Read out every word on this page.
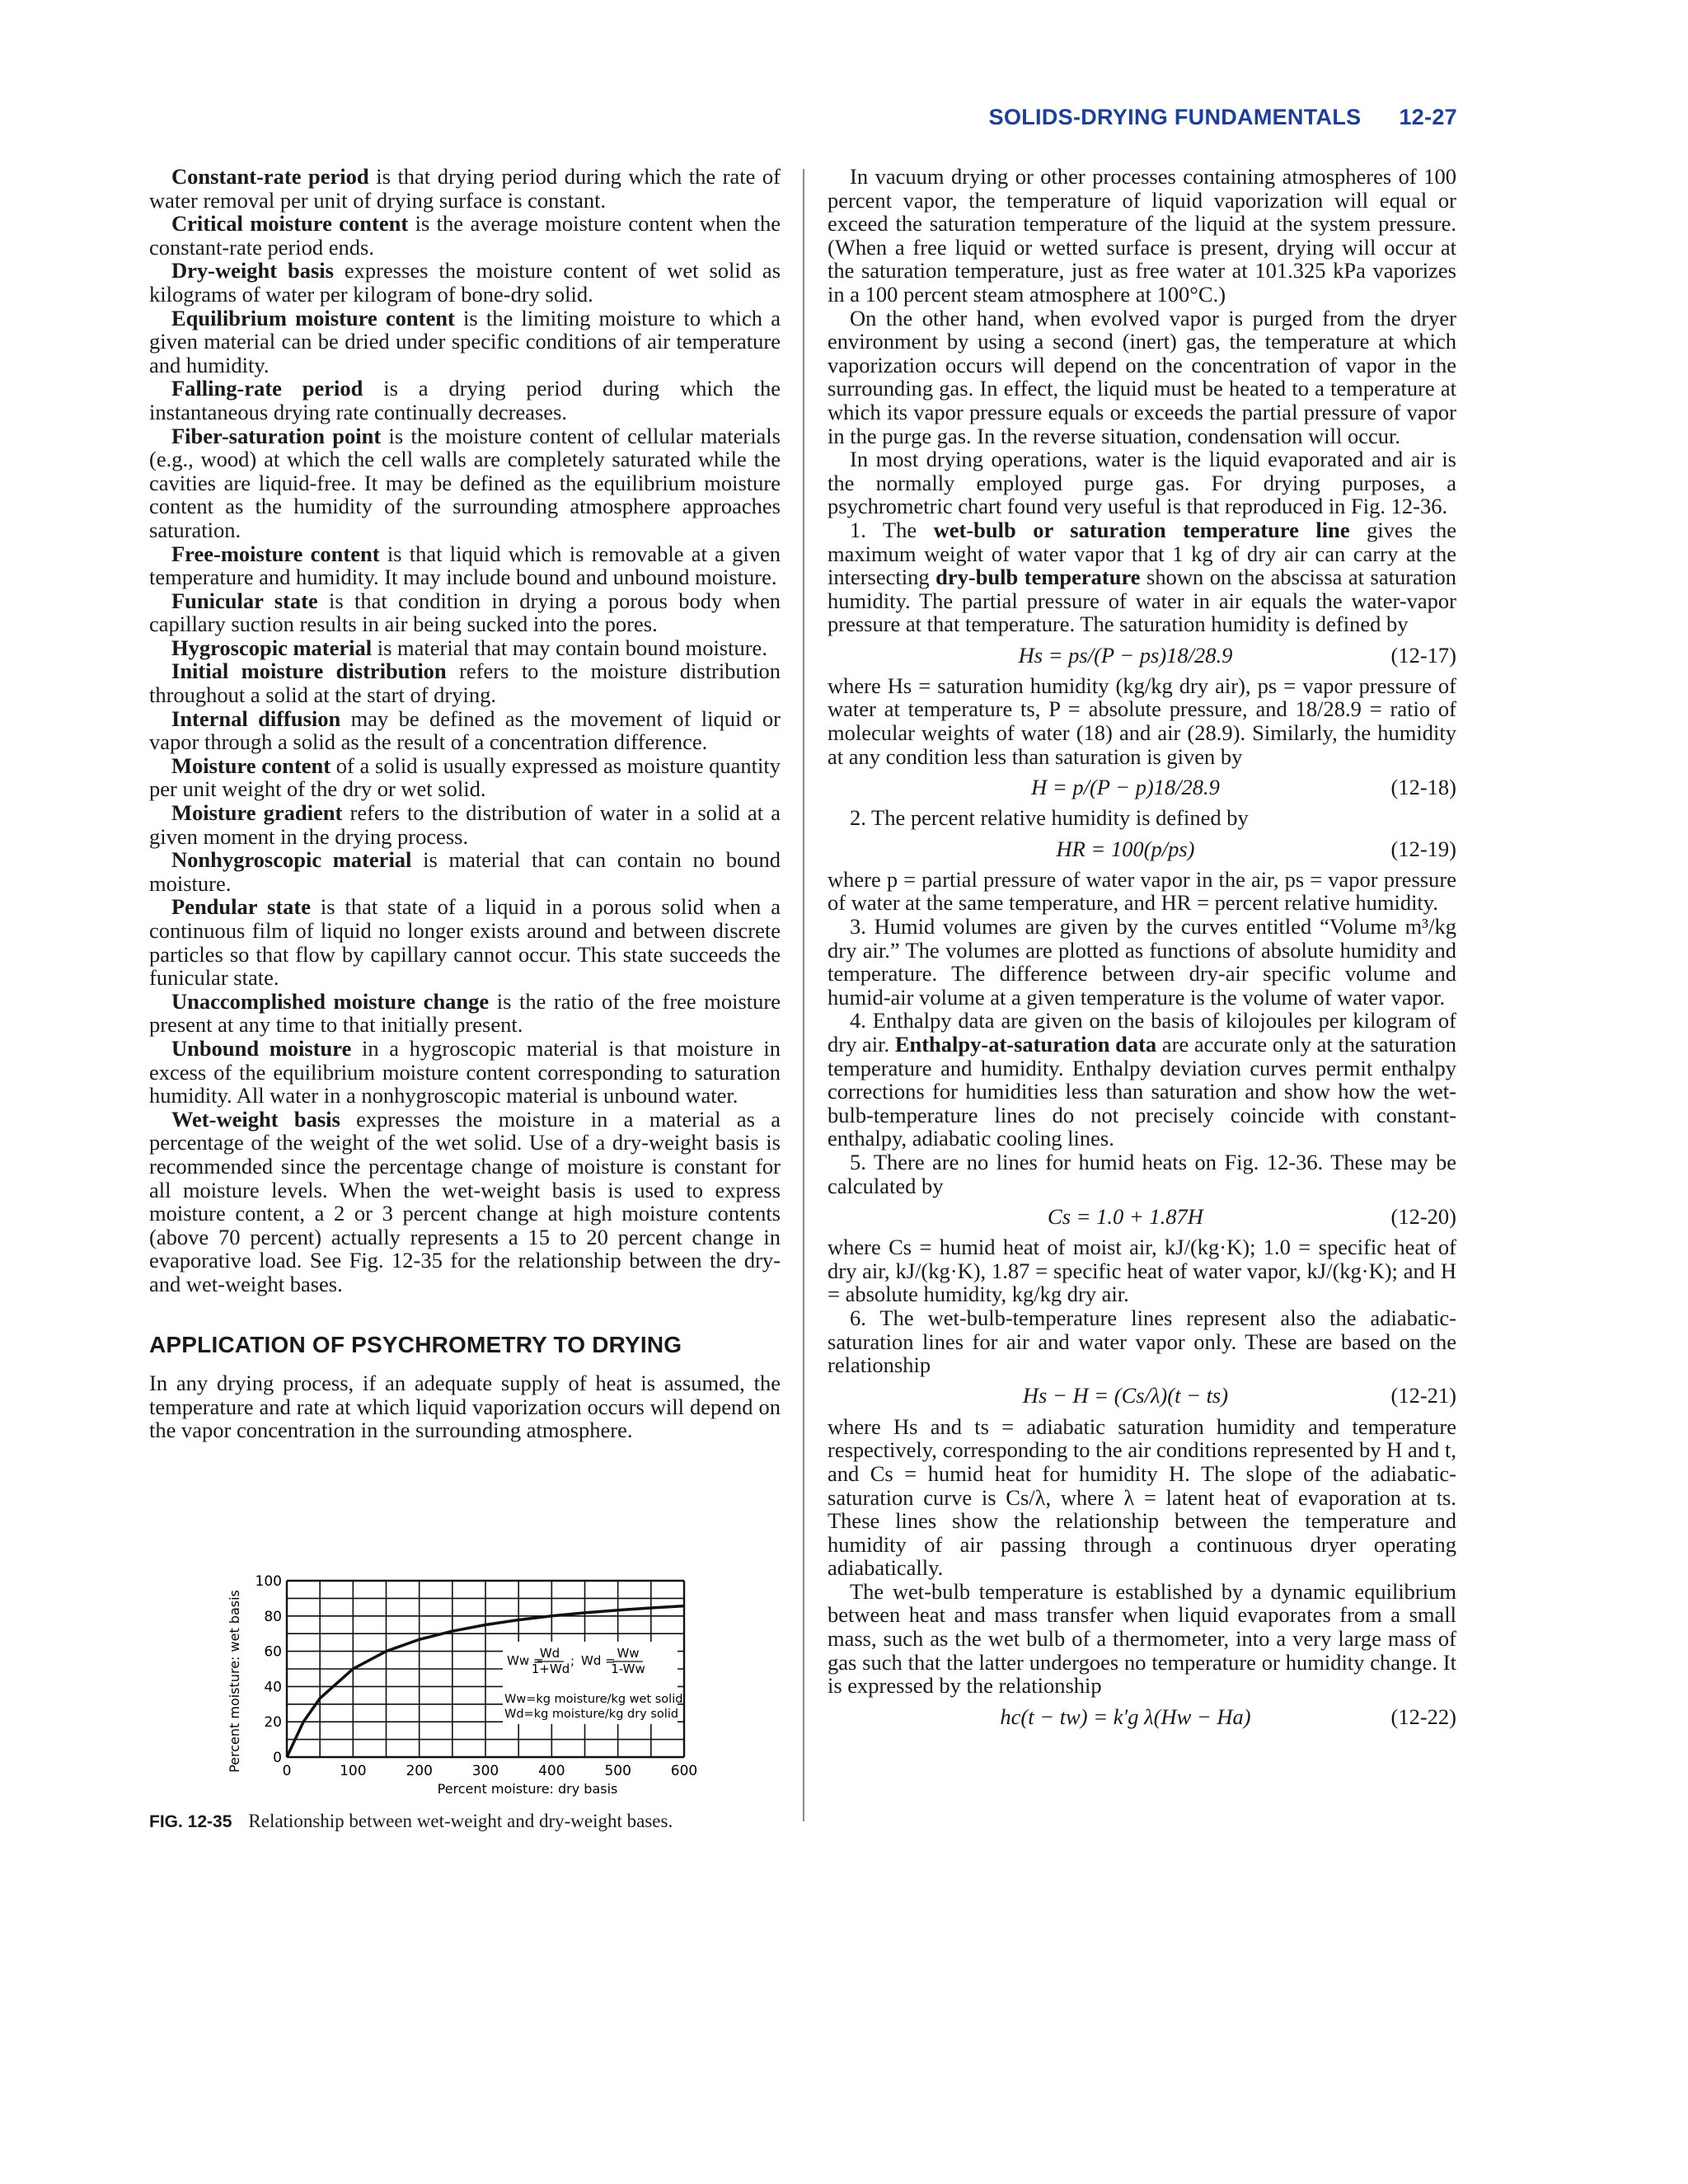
SOLIDS-DRYING FUNDAMENTALS 12-27

Constant-rate period is that drying period during which the rate of water removal per unit of drying surface is constant.

Critical moisture content is the average moisture content when the constant-rate period ends.

Dry-weight basis expresses the moisture content of wet solid as kilograms of water per kilogram of bone-dry solid.

Equilibrium moisture content is the limiting moisture to which a given material can be dried under specific conditions of air temperature and humidity.

Falling-rate period is a drying period during which the instantaneous drying rate continually decreases.

Fiber-saturation point is the moisture content of cellular materials (e.g., wood) at which the cell walls are completely saturated while the cavities are liquid-free. It may be defined as the equilibrium moisture content as the humidity of the surrounding atmosphere approaches saturation.

Free-moisture content is that liquid which is removable at a given temperature and humidity. It may include bound and unbound moisture.

Funicular state is that condition in drying a porous body when capillary suction results in air being sucked into the pores.

Hygroscopic material is material that may contain bound moisture.

Initial moisture distribution refers to the moisture distribution throughout a solid at the start of drying.

Internal diffusion may be defined as the movement of liquid or vapor through a solid as the result of a concentration difference.

Moisture content of a solid is usually expressed as moisture quantity per unit weight of the dry or wet solid.

Moisture gradient refers to the distribution of water in a solid at a given moment in the drying process.

Nonhygroscopic material is material that can contain no bound moisture.

Pendular state is that state of a liquid in a porous solid when a continuous film of liquid no longer exists around and between discrete particles so that flow by capillary cannot occur. This state succeeds the funicular state.

Unaccomplished moisture change is the ratio of the free moisture present at any time to that initially present.

Unbound moisture in a hygroscopic material is that moisture in excess of the equilibrium moisture content corresponding to saturation humidity. All water in a nonhygroscopic material is unbound water.

Wet-weight basis expresses the moisture in a material as a percentage of the weight of the wet solid. Use of a dry-weight basis is recommended since the percentage change of moisture is constant for all moisture levels. When the wet-weight basis is used to express moisture content, a 2 or 3 percent change at high moisture contents (above 70 percent) actually represents a 15 to 20 percent change in evaporative load. See Fig. 12-35 for the relationship between the dry- and wet-weight bases.

APPLICATION OF PSYCHROMETRY TO DRYING

In any drying process, if an adequate supply of heat is assumed, the temperature and rate at which liquid vaporization occurs will depend on the vapor concentration in the surrounding atmosphere.

0	100	200	300	400	500	600
0
20
40
60
80
100
Ww =
Wd
1+Wd
; Wd = Ww
1-Ww
Ww=kg moisture/kg wet solid
Wd=kg moisture/kg dry solid
Percent moisture: dry basis
Percent moisture: wet basis
FIG. 12-35 Relationship between wet-weight and dry-weight bases.

In vacuum drying or other processes containing atmospheres of 100 percent vapor, the temperature of liquid vaporization will equal or exceed the saturation temperature of the liquid at the system pressure. (When a free liquid or wetted surface is present, drying will occur at the saturation temperature, just as free water at 101.325 kPa vaporizes in a 100 percent steam atmosphere at 100°C.)

On the other hand, when evolved vapor is purged from the dryer environment by using a second (inert) gas, the temperature at which vaporization occurs will depend on the concentration of vapor in the surrounding gas. In effect, the liquid must be heated to a temperature at which its vapor pressure equals or exceeds the partial pressure of vapor in the purge gas. In the reverse situation, condensation will occur.

In most drying operations, water is the liquid evaporated and air is the normally employed purge gas. For drying purposes, a psychrometric chart found very useful is that reproduced in Fig. 12-36.

1. The wet-bulb or saturation temperature line gives the maximum weight of water vapor that 1 kg of dry air can carry at the intersecting dry-bulb temperature shown on the abscissa at saturation humidity. The partial pressure of water in air equals the water-vapor pressure at that temperature. The saturation humidity is defined by

Hs = ps/(P − ps)18/28.9	(12-17)

where Hs = saturation humidity (kg/kg dry air), ps = vapor pressure of water at temperature ts, P = absolute pressure, and 18/28.9 = ratio of molecular weights of water (18) and air (28.9). Similarly, the humidity at any condition less than saturation is given by

H = p/(P − p)18/28.9	(12-18)

2. The percent relative humidity is defined by

HR = 100(p/ps)	(12-19)

where p = partial pressure of water vapor in the air, ps = vapor pressure of water at the same temperature, and HR = percent relative humidity.

3. Humid volumes are given by the curves entitled “Volume m³/kg dry air.” The volumes are plotted as functions of absolute humidity and temperature. The difference between dry-air specific volume and humid-air volume at a given temperature is the volume of water vapor.

4. Enthalpy data are given on the basis of kilojoules per kilogram of dry air. Enthalpy-at-saturation data are accurate only at the saturation temperature and humidity. Enthalpy deviation curves permit enthalpy corrections for humidities less than saturation and show how the wet-bulb-temperature lines do not precisely coincide with constant-enthalpy, adiabatic cooling lines.

5. There are no lines for humid heats on Fig. 12-36. These may be calculated by

Cs = 1.0 + 1.87H	(12-20)

where Cs = humid heat of moist air, kJ/(kg·K); 1.0 = specific heat of dry air, kJ/(kg·K), 1.87 = specific heat of water vapor, kJ/(kg·K); and H = absolute humidity, kg/kg dry air.

6. The wet-bulb-temperature lines represent also the adiabatic-saturation lines for air and water vapor only. These are based on the relationship

Hs − H = (Cs/λ)(t − ts)	(12-21)

where Hs and ts = adiabatic saturation humidity and temperature respectively, corresponding to the air conditions represented by H and t, and Cs = humid heat for humidity H. The slope of the adiabatic-saturation curve is Cs/λ, where λ = latent heat of evaporation at ts. These lines show the relationship between the temperature and humidity of air passing through a continuous dryer operating adiabatically.

The wet-bulb temperature is established by a dynamic equilibrium between heat and mass transfer when liquid evaporates from a small mass, such as the wet bulb of a thermometer, into a very large mass of gas such that the latter undergoes no temperature or humidity change. It is expressed by the relationship

hc(t − tw) = k′g λ(Hw − Ha)	(12-22)
